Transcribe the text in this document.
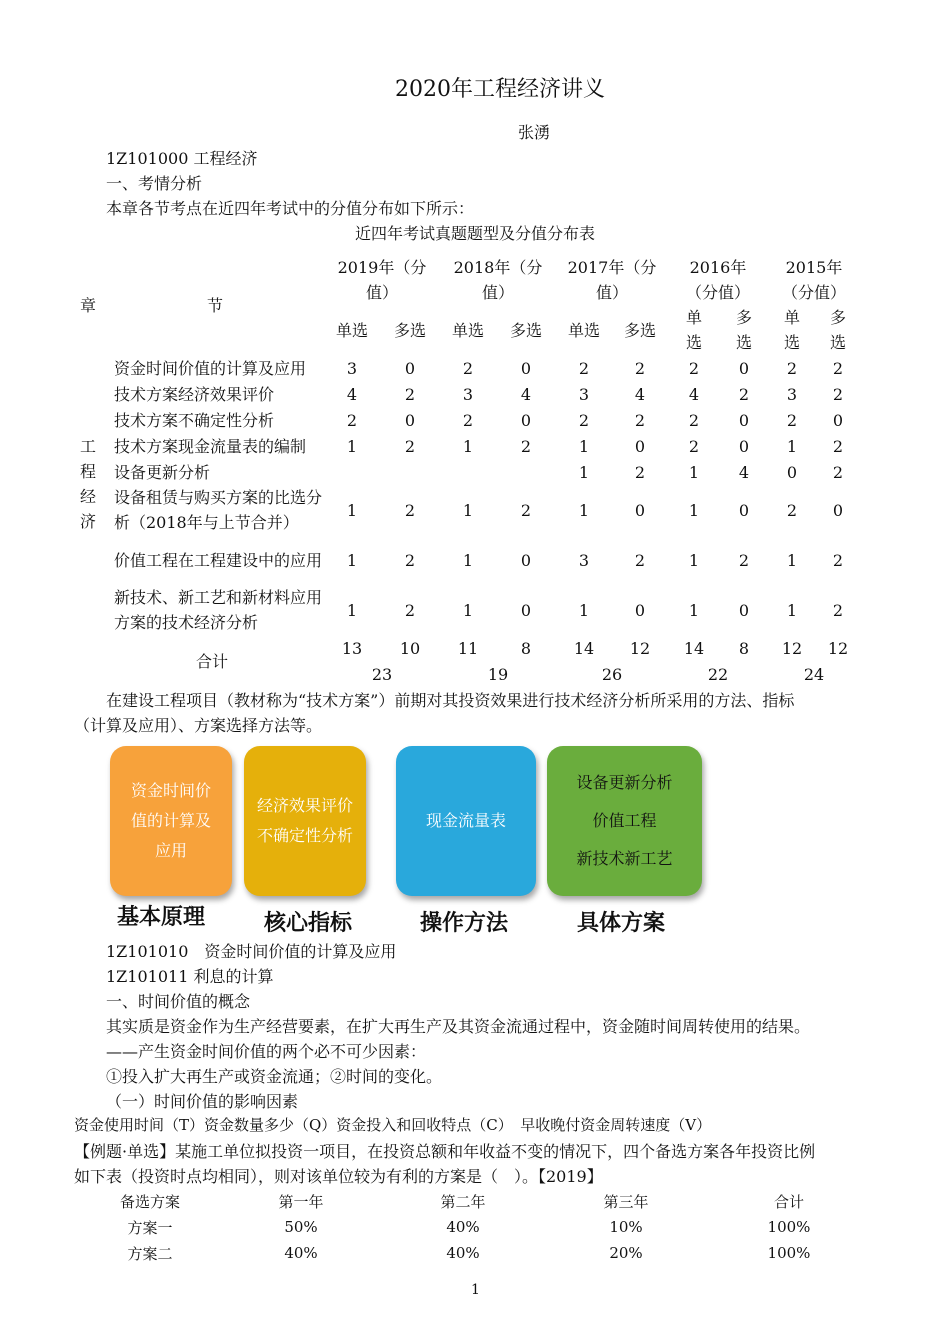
2020年工程经济讲义
张湧
1Z101000 工程经济
一、考情分析
本章各节考点在近四年考试中的分值分布如下所示：
近四年考试真题题型及分值分布表
章	节	2019年（分值）		2018年（分值）		2017年（分值）		2016年（分值）		2015年（分值）	
		单选	多选	单选	多选	单选	多选	单选	多选	单选	多选
	资金时间价值的计算及应用	3	0	2	0	2	2	2	0	2	2
	技术方案经济效果评价	4	2	3	4	3	4	4	2	3	2
	技术方案不确定性分析	2	0	2	0	2	2	2	0	2	0
工程经济	技术方案现金流量表的编制	1	2	1	2	1	0	2	0	1	2
	设备更新分析					1	2	1	4	0	2
	设备租赁与购买方案的比选分析（2018年与上节合并）	1	2	1	2	1	0	1	0	2	0
	价值工程在工程建设中的应用	1	2	1	0	3	2	1	2	1	2
	新技术、新工艺和新材料应用方案的技术经济分析	1	2	1	0	1	0	1	0	1	2
合计		13	10	11	8	14	12	14	8	12	12
		23		19		26		22		24	
在建设工程项目（教材称为“技术方案”）前期对其投资效果进行技术经济分析所采用的方法、指标
（计算及应用）、方案选择方法等。
资金时间价
值的计算及
应用
经济效果评价
不确定性分析
现金流量表
设备更新分析
价值工程
新技术新工艺
基本原理	核心指标	操作方法	具体方案
1Z101010　资金时间价值的计算及应用
1Z101011 利息的计算
一、时间价值的概念
其实质是资金作为生产经营要素，在扩大再生产及其资金流通过程中，资金随时间周转使用的结果。
——产生资金时间价值的两个必不可少因素：
①投入扩大再生产或资金流通；②时间的变化。
（一）时间价值的影响因素
资金使用时间（T）资金数量多少（Q）资金投入和回收特点（C）　早收晚付资金周转速度（V）
【例题·单选】某施工单位拟投资一项目，在投资总额和年收益不变的情况下，四个备选方案各年投资比例
如下表（投资时点均相同），则对该单位较为有利的方案是（　）。【2019】
备选方案	第一年	第二年	第三年	合计
方案一	50%	40%	10%	100%
方案二	40%	40%	20%	100%
1
